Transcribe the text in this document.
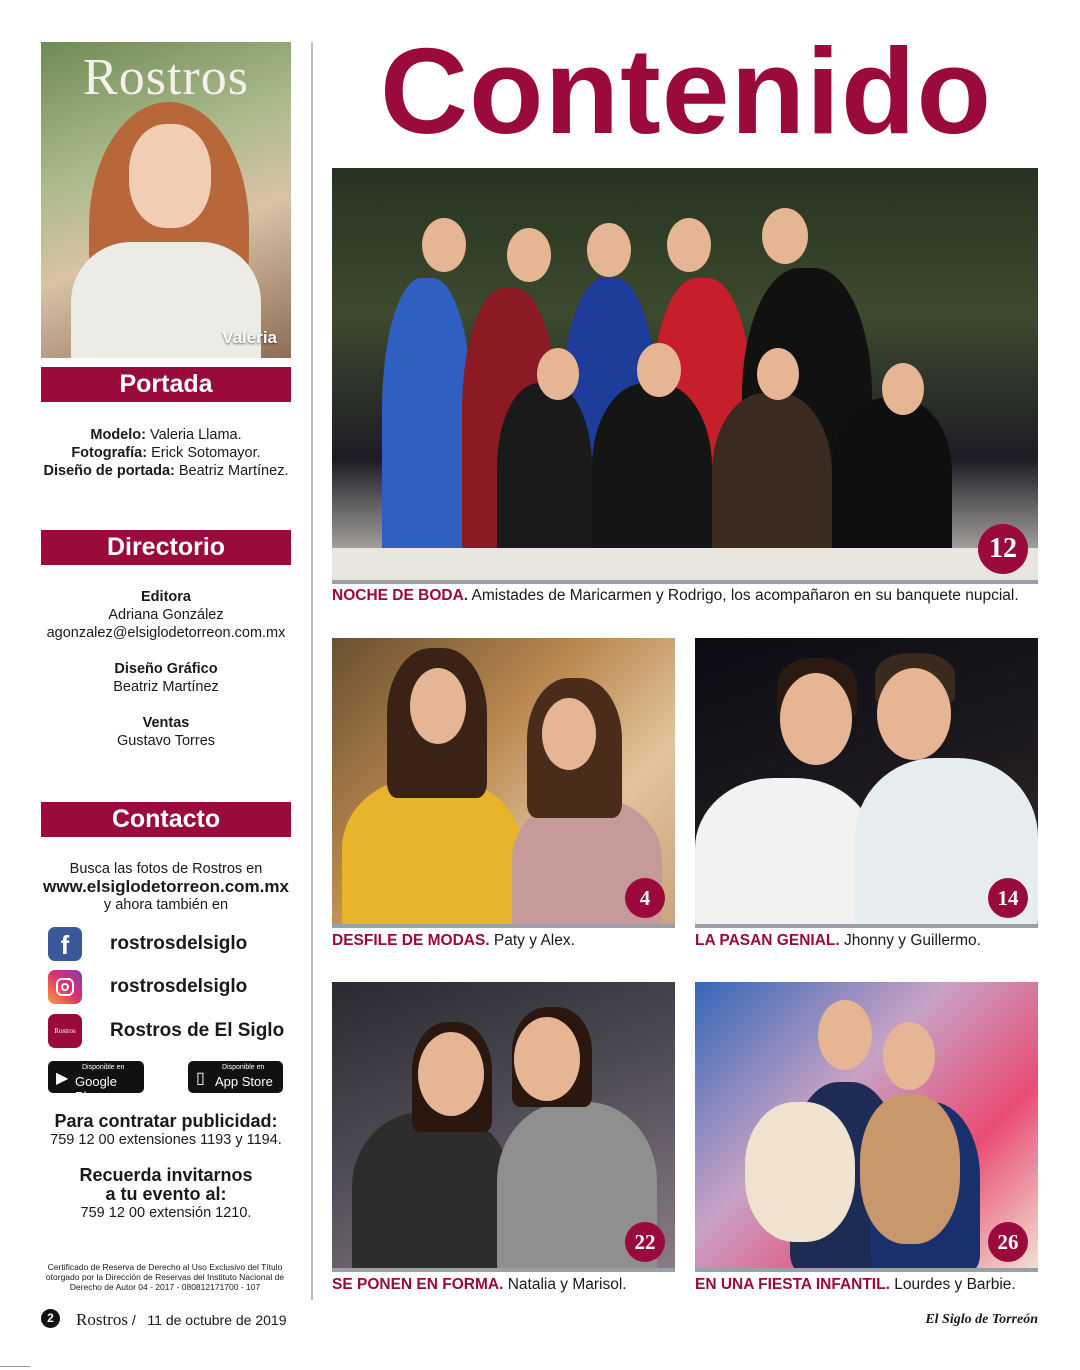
Rostros
Valeria
Portada
Modelo: Valeria Llama.
Fotografía: Erick Sotomayor.
Diseño de portada: Beatriz Martínez.
Directorio
Editora
Adriana González
agonzalez@elsiglodetorreon.com.mx
Diseño Gráfico
Beatriz Martínez
Ventas
Gustavo Torres
Contacto
Busca las fotos de Rostros en
www.elsiglodetorreon.com.mx
y ahora también en
f	rostrosdelsiglo
rostrosdelsiglo
Rostros	Rostros de El Siglo
▶
Disponible en
Google Play
▯
Disponible en
App Store
Para contratar publicidad:
759 12 00 extensiones 1193 y 1194.
Recuerda invitarnos
a tu evento al:
759 12 00 extensión 1210.
Certificado de Reserva de Derecho al Uso Exclusivo del Título otorgado por la Dirección de Reservas del Instituto Nacional de Derecho de Autor 04 - 2017 - 080812171700 - 107
Contenido
12
NOCHE DE BODA. Amistades de Maricarmen y Rodrigo, los acompañaron en su banquete nupcial.
4
DESFILE DE MODAS. Paty y Alex.
14
LA PASAN GENIAL. Jhonny y Guillermo.
22
SE PONEN EN FORMA. Natalia y Marisol.
26
EN UNA FIESTA INFANTIL. Lourdes y Barbie.
2	Rostros / 11 de octubre de 2019	El Siglo de Torreón
